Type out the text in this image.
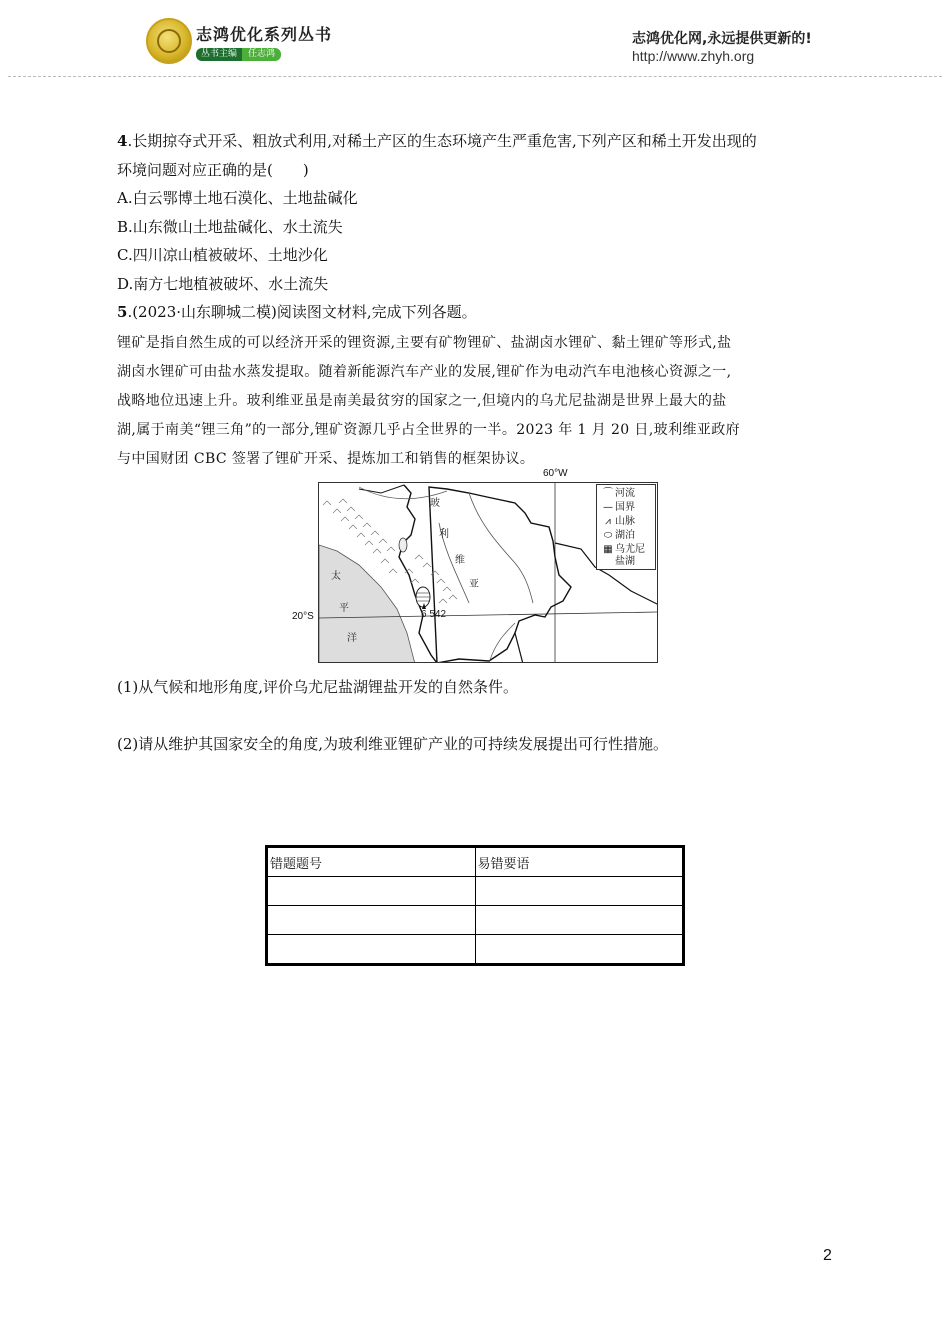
志鸿优化系列丛书
丛书主编 任志鸿
志鸿优化网,永远提供更新的!
http://www.zhyh.org
4.长期掠夺式开采、粗放式利用,对稀土产区的生态环境产生严重危害,下列产区和稀土开发出现的
环境问题对应正确的是(　　)
A.白云鄂博土地石漠化、土地盐碱化
B.山东微山土地盐碱化、水土流失
C.四川凉山植被破坏、土地沙化
D.南方七地植被破坏、水土流失
5.(2023·山东聊城二模)阅读图文材料,完成下列各题。
锂矿是指自然生成的可以经济开采的锂资源,主要有矿物锂矿、盐湖卤水锂矿、黏土锂矿等形式,盐
湖卤水锂矿可由盐水蒸发提取。随着新能源汽车产业的发展,锂矿作为电动汽车电池核心资源之一,
战略地位迅速上升。玻利维亚虽是南美最贫穷的国家之一,但境内的乌尤尼盐湖是世界上最大的盐
湖,属于南美“锂三角”的一部分,锂矿资源几乎占全世界的一半。2023 年 1 月 20 日,玻利维亚政府
与中国财团 CBC 签署了锂矿开采、提炼加工和销售的框架协议。
60°W
20°S
玻
利
维
亚
太
平
洋
6 542
⌒ 河流
— 国界
⩘ 山脉
⬭ 湖泊
▦ 乌尤尼
盐湖
(1)从气候和地形角度,评价乌尤尼盐湖锂盐开发的自然条件。
(2)请从维护其国家安全的角度,为玻利维亚锂矿产业的可持续发展提出可行性措施。
错题题号	易错要语

2
